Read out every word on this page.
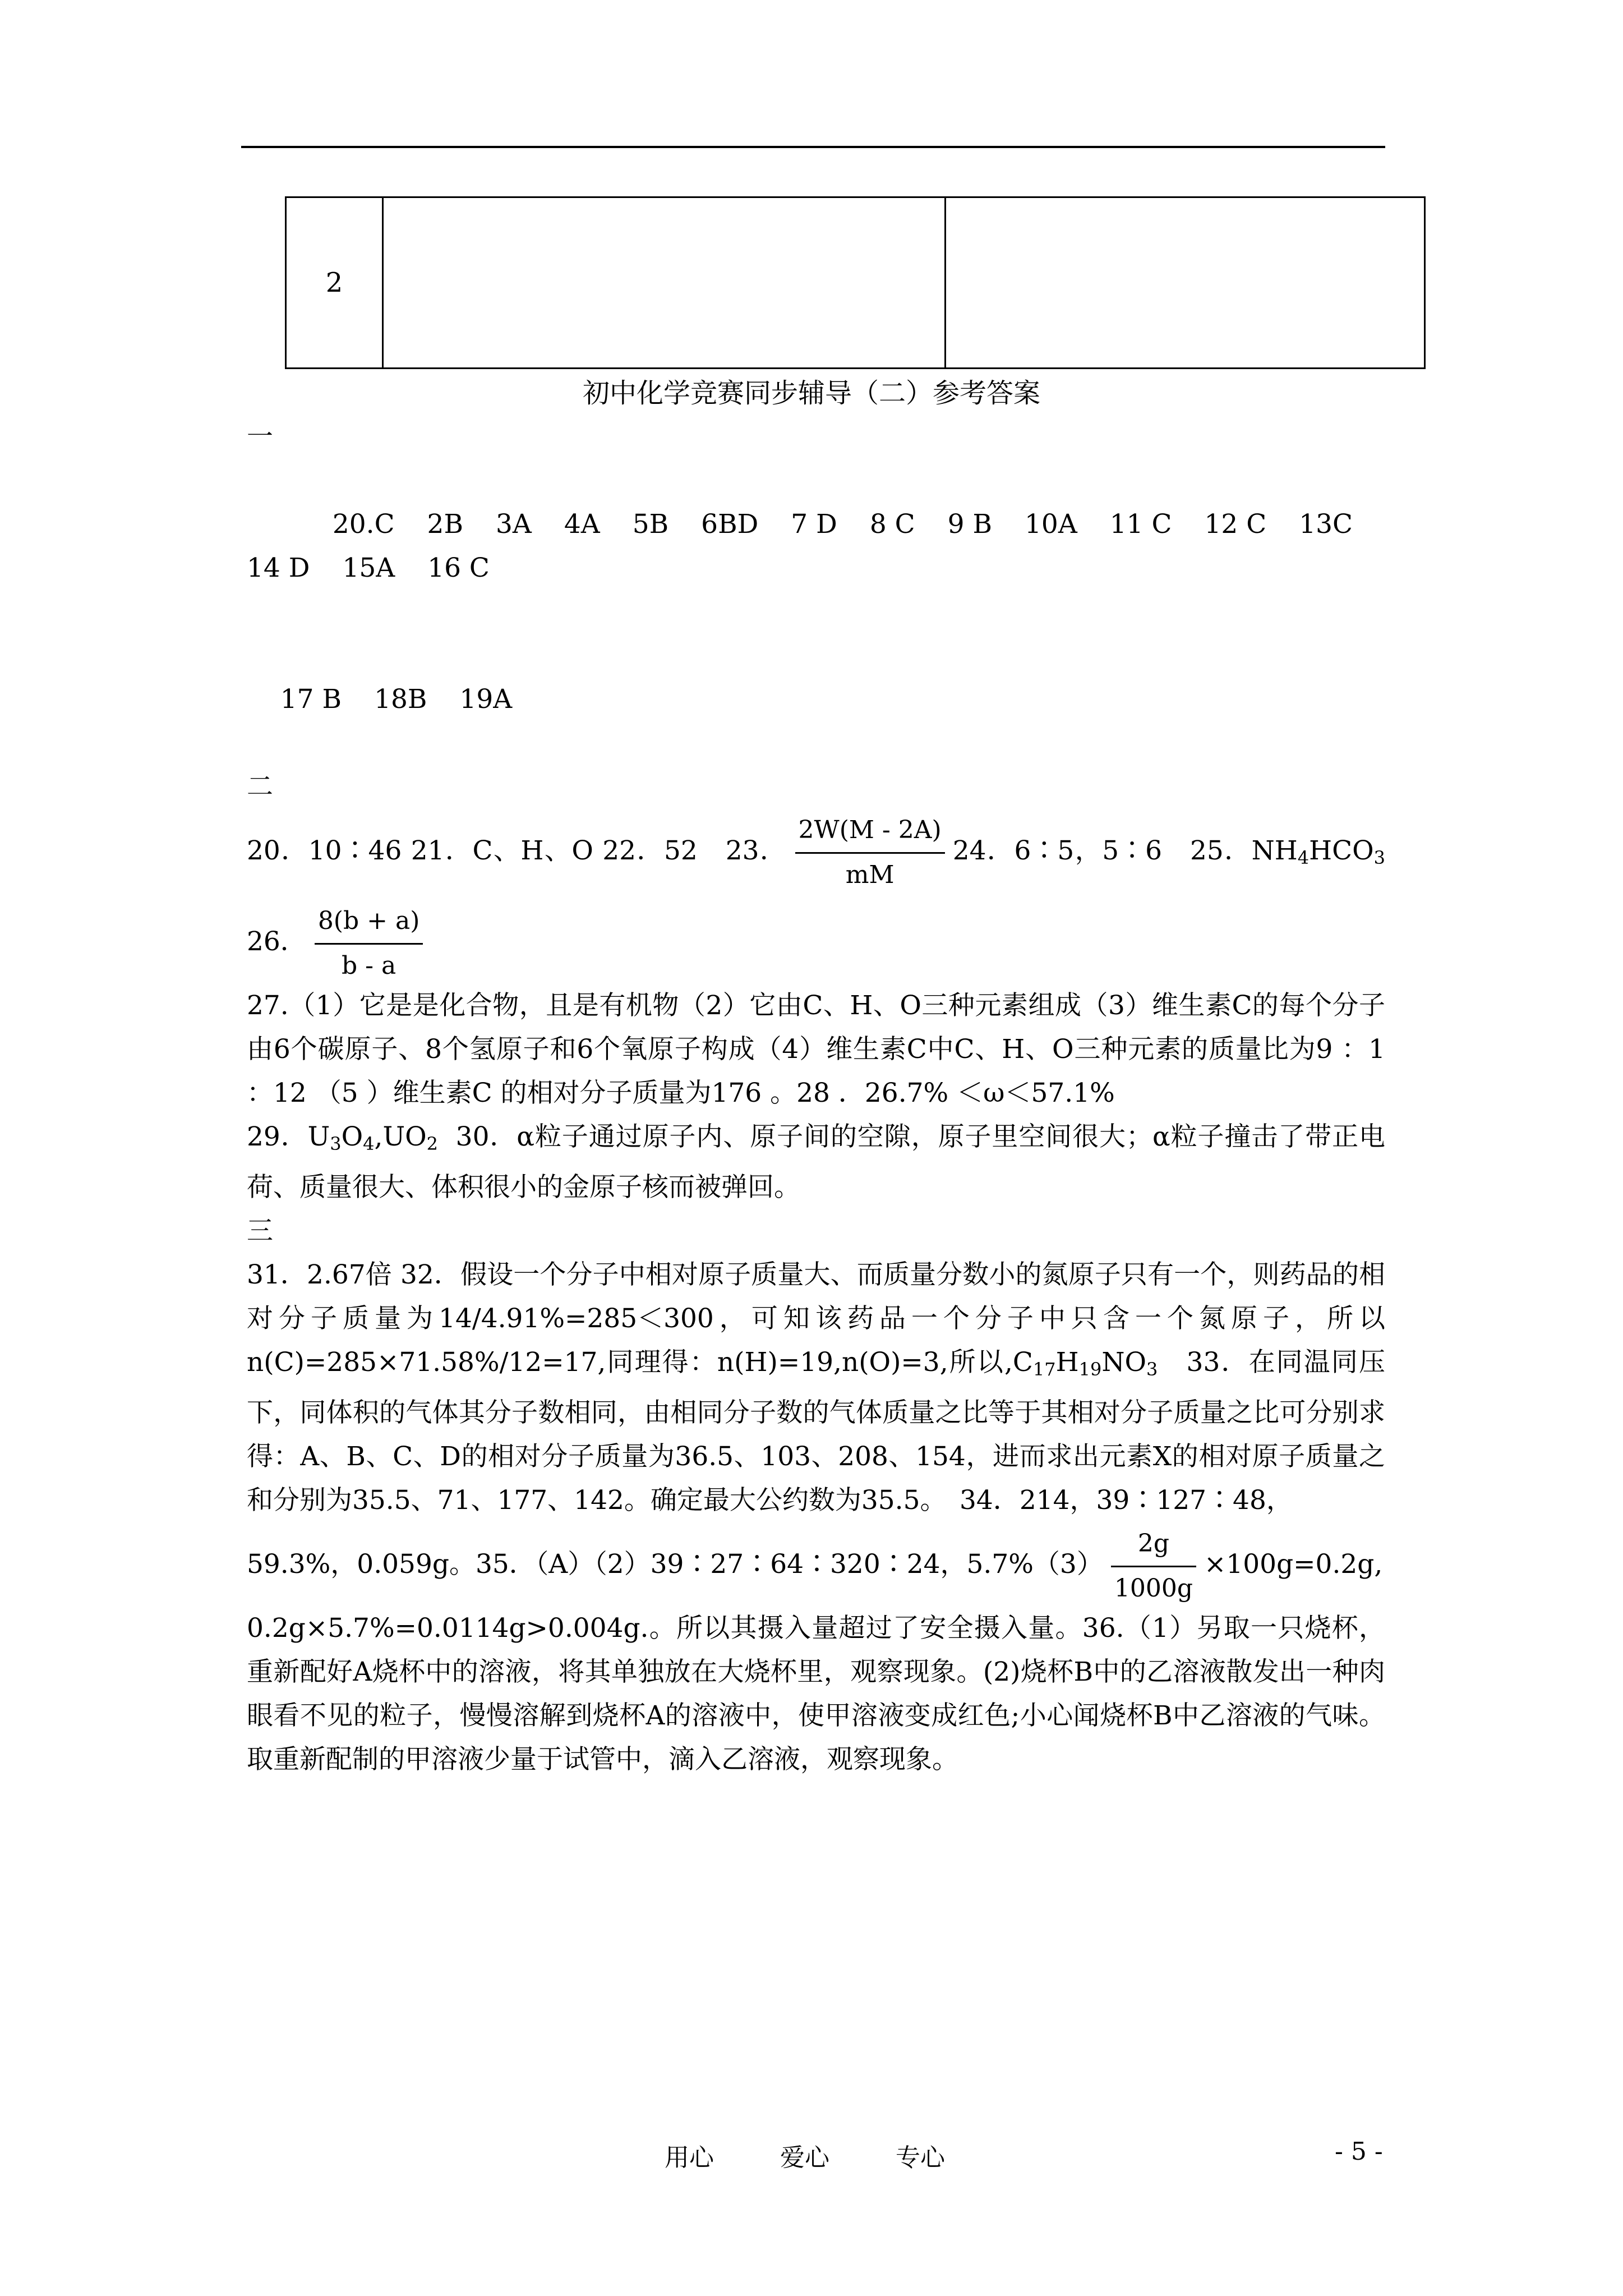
2		
初中化学竞赛同步辅导（二）参考答案

一

20.C 2B 3A 4A 5B 6BD 7 D 8 C 9 B 10A 11 C 12 C 13C14 D 15A 16 C

17 B 18B 19A

二

20．10∶46 21．C、H、O 22．52　 23． $\frac{2W(M - 2A)}{mM} 24$．6∶5，5∶6　25．$NH_4HCO_3$ 26． $\frac{8(b + a)}{b - a}$

27.（1）它是是化合物，且是有机物（2）它由C、H、O三种元素组成（3）维生素C的每个分子由6个碳原子、8个氢原子和6个氧原子构成（4）维生素C中C、H、O三种元素的质量比为9 ：1 ：12 （5 ）维生素C 的相对分子质量为176 。28 ．26.7% ＜ω＜57.1%

29．$U_3O_4,UO_2$  30．α粒子通过原子内、原子间的空隙，原子里空间很大；α粒子撞击了带正电荷、质量很大、体积很小的金原子核而被弹回。

三

31．2.67倍 32．假设一个分子中相对原子质量大、而质量分数小的氮原子只有一个，则药品的相对分子质量为14/4.91%=285＜300，可知该药品一个分子中只含一个氮原子，所以n(C)=285×71.58%/12=17,同理得：n(H)=19,n(O)=3,所以$,C_{17}H_{19}NO_3$　33．在同温同压下，同体积的气体其分子数相同，由相同分子数的气体质量之比等于其相对分子质量之比可分别求得：A、B、C、D的相对分子质量为36.5、103、208、154，进而求出元素X的相对原子质量之和分别为35.5、71、177、142。确定最大公约数为35.5。　34．214，39∶127∶48，

59.3%，0.059g。35．（A）（2）39∶27∶64∶320∶24，$5.7\%(3) \frac{2g}{1000g} \times 100g=0.2g$,

0.2g×5.7%=0.0114g>0.004g.。所以其摄入量超过了安全摄入量。36.（1）另取一只烧杯，重新配好A烧杯中的溶液，将其单独放在大烧杯里，观察现象。(2)烧杯B中的乙溶液散发出一种肉眼看不见的粒子，慢慢溶解到烧杯A的溶液中，使甲溶液变成红色;小心闻烧杯B中乙溶液的气味。取重新配制的甲溶液少量于试管中，滴入乙溶液，观察现象。

用心	爱心	专心	- 5 -
